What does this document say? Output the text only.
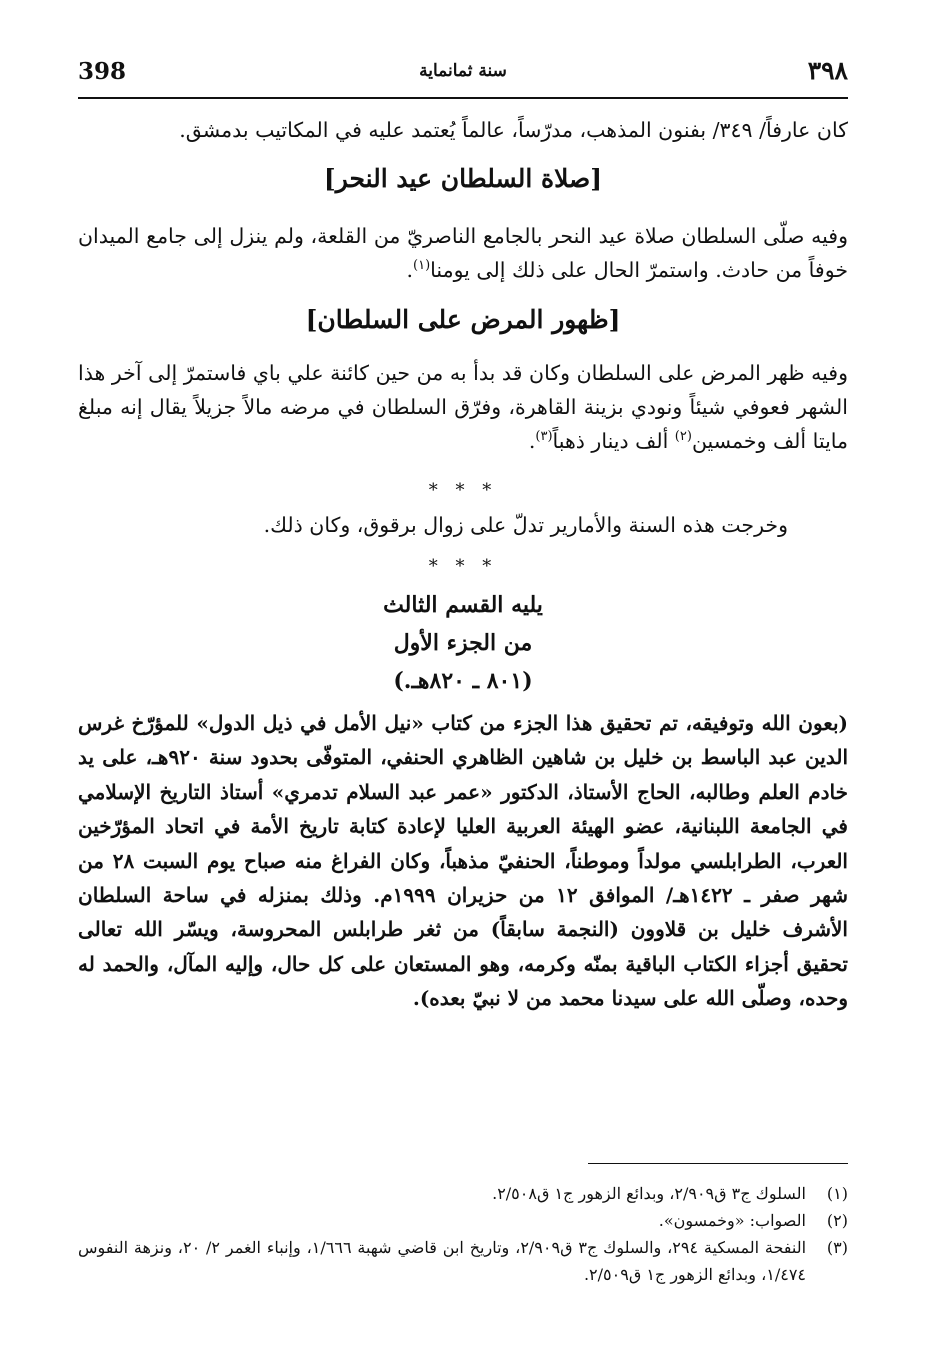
398	سنة ثمانماية	٣٩٨
كان عارفاً/ ٣٤٩/ بفنون المذهب، مدرّساً، عالماً يُعتمد عليه في المكاتيب بدمشق.
[صلاة السلطان عيد النحر]
وفيه صلّى السلطان صلاة عيد النحر بالجامع الناصريّ من القلعة، ولم ينزل إلى جامع الميدان خوفاً من حادث. واستمرّ الحال على ذلك إلى يومنا$^{(١)}$.
[ظهور المرض على السلطان]
وفيه ظهر المرض على السلطان وكان قد بدأ به من حين كائنة علي باي فاستمرّ إلى آخر هذا الشهر فعوفي شيئاً ونودي بزينة القاهرة، وفرّق السلطان في مرضه مالاً جزيلاً يقال إنه مبلغ مايتا ألف وخمسين$^{(٢)}$ ألف دينار ذهباً$^{(٣)}$.
* * *
وخرجت هذه السنة والأمارير تدلّ على زوال برقوق، وكان ذلك.
* * *
يليه القسم الثالث
من الجزء الأول
(٨٠١ ـ ٨٢٠هـ.)
(بعون الله وتوفيقه، تم تحقيق هذا الجزء من كتاب «نيل الأمل في ذيل الدول» للمؤرّخ غرس الدين عبد الباسط بن خليل بن شاهين الظاهري الحنفي، المتوفّى بحدود سنة ٩٢٠هـ، على يد خادم العلم وطالبه، الحاج الأستاذ، الدكتور «عمر عبد السلام تدمري» أستاذ التاريخ الإسلامي في الجامعة اللبنانية، عضو الهيئة العربية العليا لإعادة كتابة تاريخ الأمة في اتحاد المؤرّخين العرب، الطرابلسي مولداً وموطناً، الحنفيّ مذهباً، وكان الفراغ منه صباح يوم السبت ٢٨ من شهر صفر ـ ١٤٢٢هـ/ الموافق ١٢ من حزيران ١٩٩٩م. وذلك بمنزله في ساحة السلطان الأشرف خليل بن قلاوون (النجمة سابقاً) من ثغر طرابلس المحروسة، ويسّر الله تعالى تحقيق أجزاء الكتاب الباقية بمنّه وكرمه، وهو المستعان على كل حال، وإليه المآل، والحمد له وحده، وصلّى الله على سيدنا محمد من لا نبيّ بعده).
(١)
السلوك ج٣ ق٢/٩٠٩، وبدائع الزهور ج١ ق٢/٥٠٨.
(٢)
الصواب: «وخمسون».
(٣)
النفحة المسكية ٢٩٤، والسلوك ج٣ ق٢/٩٠٩، وتاريخ ابن قاضي شهبة ١/٦٦٦، وإنباء الغمر ٢/ ٢٠، ونزهة النفوس ١/٤٧٤، وبدائع الزهور ج١ ق٢/٥٠٩.
